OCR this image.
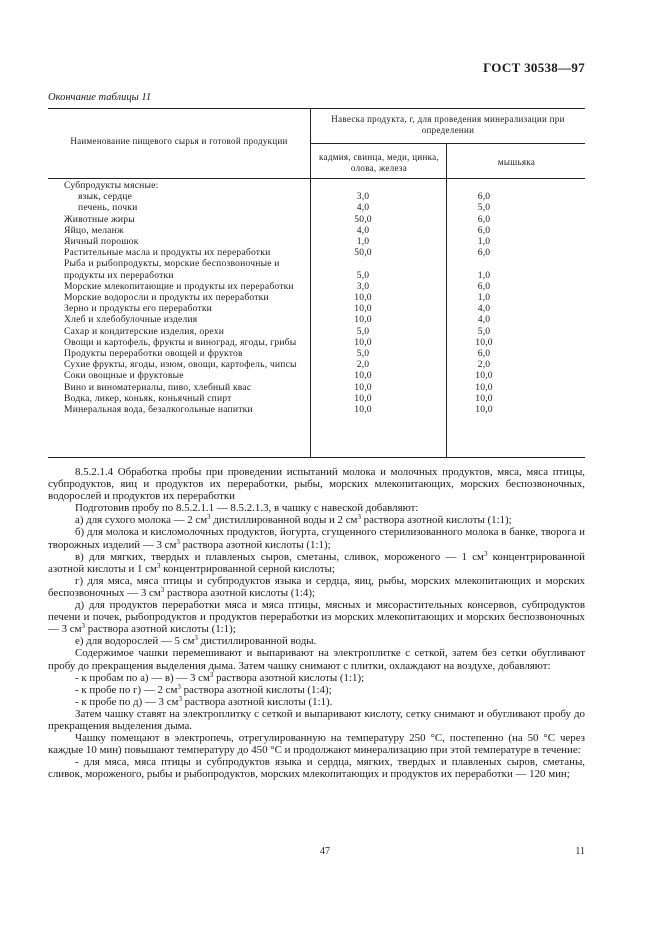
ГОСТ 30538—97
Окончание таблицы 11
Наименование пищевого сырья и готовой продукции
Навеска продукта, г, для проведения минерализации при определении
кадмия, свинца, меди, цинка, олова, железа
мышьяка
Субпродукты мясные:
язык, сердце	3,0	6,0
печень, почки	4,0	5,0
Животные жиры	50,0	6,0
Яйцо, меланж	4,0	6,0
Яичный порошок	1,0	1,0
Растительные масла и продукты их переработки	50,0	6,0
Рыба и рыбопродукты, морские беспозвоночные и продукты их переработки	5,0	1,0
Морские млекопитающие и продукты их переработки	3,0	6,0
Морские водоросли и продукты их переработки	10,0	1,0
Зерно и продукты его переработки	10,0	4,0
Хлеб и хлебобулочные изделия	10,0	4,0
Сахар и кондитерские изделия, орехи	5,0	5,0
Овощи и картофель, фрукты и виноград, ягоды, грибы	10,0	10,0
Продукты переработки овощей и фруктов	5,0	6,0
Сухие фрукты, ягоды, изюм, овощи, картофель, чипсы	2,0	2,0
Соки овощные и фруктовые	10,0	10,0
Вино и виноматериалы, пиво, хлебный квас	10,0	10,0
Водка, ликер, коньяк, коньячный спирт	10,0	10,0
Минеральная вода, безалкогольные напитки	10,0	10,0

8.5.2.1.4 Обработка пробы при проведении испытаний молока и молочных продуктов, мяса, мяса птицы, субпродуктов, яиц и продуктов их переработки, рыбы, морских млекопитающих, морских беспозвоночных, водорослей и продуктов их переработки

Подготовив пробу по 8.5.2.1.1 — 8.5.2.1.3, в чашку с навеской добавляют:

а) для сухого молока — 2 $см^3$ дистиллированной воды и 2 $см^3$ раствора азотной кислоты (1:1);

б) для молока и кисломолочных продуктов, йогурта, сгущенного стерилизованного молока в банке, творога и творожных изделий — 3 $см^3$ раствора азотной кислоты (1:1);

в) для мягких, твердых и плавленых сыров, сметаны, сливок, мороженого — 1 $см^3$ концентрированной азотной кислоты и 1 $см^3$ концентрированной серной кислоты;

г) для мяса, мяса птицы и субпродуктов языка и сердца, яиц, рыбы, морских млекопитающих и морских беспозвоночных — 3 $см^3$ раствора азотной кислоты (1:4);

д) для продуктов переработки мяса и мяса птицы, мясных и мясорастительных консервов, субпродуктов печени и почек, рыбопродуктов и продуктов переработки из морских млекопитающих и морских беспозвоночных — 3 $см^3$ раствора азотной кислоты (1:1);

е) для водорослей — 5 $см^3$ дистиллированной воды.

Содержимое чашки перемешивают и выпаривают на электроплитке с сеткой, затем без сетки обугливают пробу до прекращения выделения дыма. Затем чашку снимают с плитки, охлаждают на воздухе, добавляют:

- к пробам по а) — в) — 3 $см^3$ раствора азотной кислоты (1:1);

- к пробе по г) — 2 $см^3$ раствора азотной кислоты (1:4);

- к пробе по д) — 3 $см^3$ раствора азотной кислоты (1:1).

Затем чашку ставят на электроплитку с сеткой и выпаривают кислоту, сетку снимают и обугливают пробу до прекращения выделения дыма.

Чашку помещают в электропечь, отрегулированную на температуру 250 °С, постепенно (на 50 °С через каждые 10 мин) повышают температуру до 450 °С и продолжают минерализацию при этой температуре в течение:

- для мяса, мяса птицы и субпродуктов языка и сердца, мягких, твердых и плавленых сыров, сметаны, сливок, мороженого, рыбы и рыбопродуктов, морских млекопитающих и продуктов их переработки — 120 мин;

47	11
